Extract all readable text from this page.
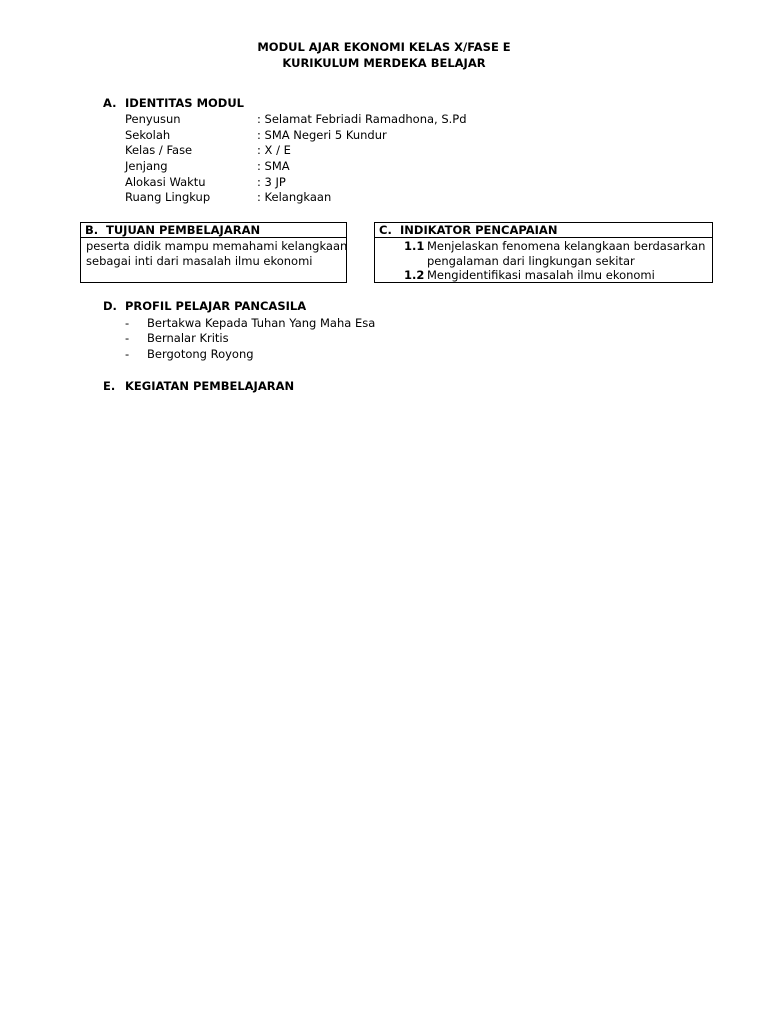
MODUL AJAR EKONOMI KELAS X/FASE E
KURIKULUM MERDEKA BELAJAR
A. IDENTITAS MODUL
Penyusun	: Selamat Febriadi Ramadhona, S.Pd
Sekolah	: SMA Negeri 5 Kundur
Kelas / Fase	: X / E
Jenjang	: SMA
Alokasi Waktu	: 3 JP
Ruang Lingkup	: Kelangkaan
B. TUJUAN PEMBELAJARAN
peserta didik mampu memahami kelangkaan
sebagai inti dari masalah ilmu ekonomi
C. INDIKATOR PENCAPAIAN
1.1 Menjelaskan fenomena kelangkaan berdasarkan
pengalaman dari lingkungan sekitar
1.2 Mengidentifikasi masalah ilmu ekonomi
D. PROFIL PELAJAR PANCASILA
- Bertakwa Kepada Tuhan Yang Maha Esa
- Bernalar Kritis
- Bergotong Royong
E. KEGIATAN PEMBELAJARAN
